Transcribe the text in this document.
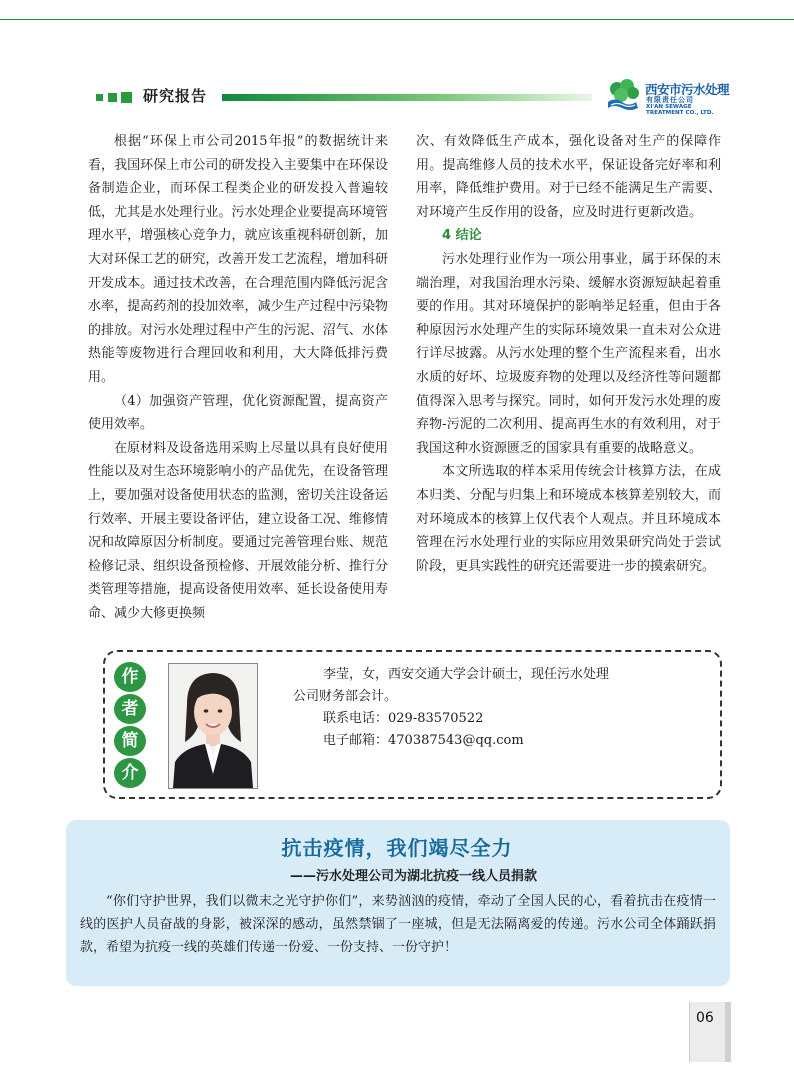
研究报告	西安市污水处理
有限责任公司
XI'AN SEWAGE
TREATMENT CO., LTD.

根据“环保上市公司2015年报”的数据统计来看，我国环保上市公司的研发投入主要集中在环保设备制造企业，而环保工程类企业的研发投入普遍较低，尤其是水处理行业。污水处理企业要提高环境管理水平，增强核心竞争力，就应该重视科研创新，加大对环保工艺的研究，改善开发工艺流程，增加科研开发成本。通过技术改善，在合理范围内降低污泥含水率，提高药剂的投加效率，减少生产过程中污染物的排放。对污水处理过程中产生的污泥、沼气、水体热能等废物进行合理回收和利用，大大降低排污费用。

（4）加强资产管理，优化资源配置，提高资产使用效率。

在原材料及设备选用采购上尽量以具有良好使用性能以及对生态环境影响小的产品优先，在设备管理上，要加强对设备使用状态的监测，密切关注设备运行效率、开展主要设备评估，建立设备工况、维修情况和故障原因分析制度。要通过完善管理台账、规范检修记录、组织设备预检修、开展效能分析、推行分类管理等措施，提高设备使用效率、延长设备使用寿命、减少大修更换频

次、有效降低生产成本，强化设备对生产的保障作用。提高维修人员的技术水平，保证设备完好率和利用率，降低维护费用。对于已经不能满足生产需要、对环境产生反作用的设备，应及时进行更新改造。

4 结论

污水处理行业作为一项公用事业，属于环保的末端治理，对我国治理水污染、缓解水资源短缺起着重要的作用。其对环境保护的影响举足轻重，但由于各种原因污水处理产生的实际环境效果一直未对公众进行详尽披露。从污水处理的整个生产流程来看，出水水质的好坏、垃圾废弃物的处理以及经济性等问题都值得深入思考与探究。同时，如何开发污水处理的废弃物-污泥的二次利用、提高再生水的有效利用，对于我国这种水资源匮乏的国家具有重要的战略意义。

本文所选取的样本采用传统会计核算方法，在成本归类、分配与归集上和环境成本核算差别较大，而对环境成本的核算上仅代表个人观点。并且环境成本管理在污水处理行业的实际应用效果研究尚处于尝试阶段，更具实践性的研究还需要进一步的摸索研究。

作
者
简
介
李莹，女，西安交通大学会计硕士，现任污水处理
公司财务部会计。
联系电话：029-83570522
电子邮箱：470387543@qq.com
抗击疫情，我们竭尽全力
——污水处理公司为湖北抗疫一线人员捐款

“你们守护世界，我们以微末之光守护你们”，来势汹汹的疫情，牵动了全国人民的心，看着抗击在疫情一线的医护人员奋战的身影，被深深的感动，虽然禁锢了一座城，但是无法隔离爱的传递。污水公司全体踊跃捐款，希望为抗疫一线的英雄们传递一份爱、一份支持、一份守护！

06
